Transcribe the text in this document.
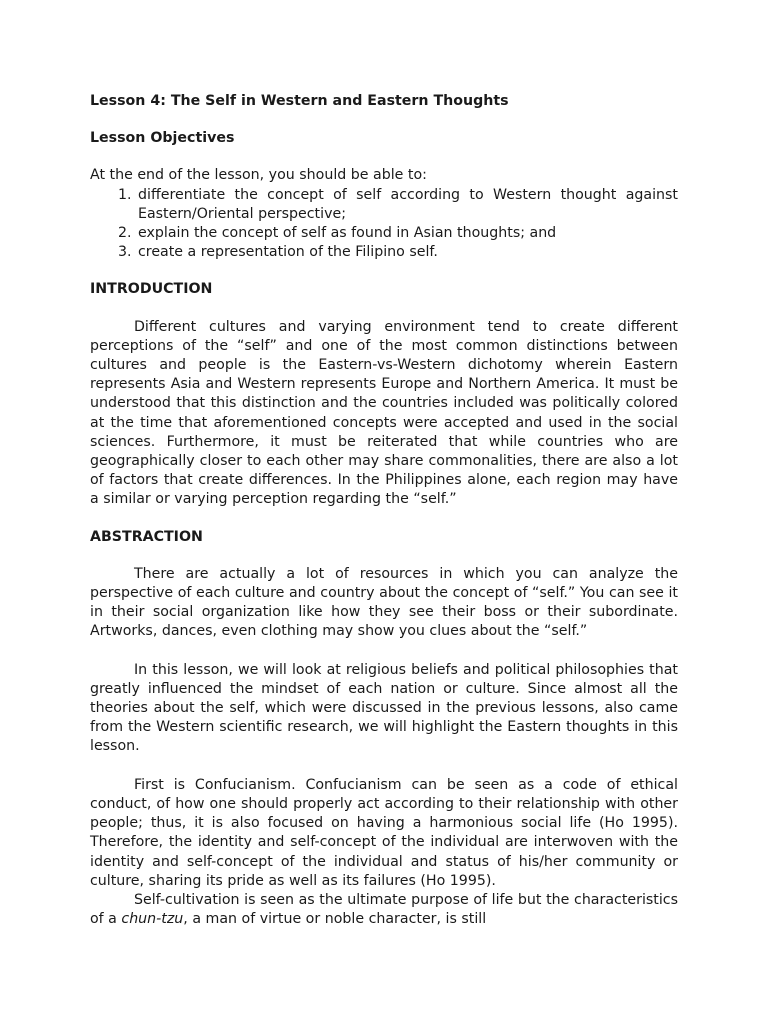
Lesson 4: The Self in Western and Eastern Thoughts

Lesson Objectives

At the end of the lesson, you should be able to:

1. differentiate the concept of self according to Western thought against Eastern/Oriental perspective;
2. explain the concept of self as found in Asian thoughts; and
3. create a representation of the Filipino self.

INTRODUCTION

Different cultures and varying environment tend to create different perceptions of the “self” and one of the most common distinctions between cultures and people is the Eastern-vs-Western dichotomy wherein Eastern represents Asia and Western represents Europe and Northern America. It must be understood that this distinction and the countries included was politically colored at the time that aforementioned concepts were accepted and used in the social sciences. Furthermore, it must be reiterated that while countries who are geographically closer to each other may share commonalities, there are also a lot of factors that create differences. In the Philippines alone, each region may have a similar or varying perception regarding the “self.”

ABSTRACTION

There are actually a lot of resources in which you can analyze the perspective of each culture and country about the concept of “self.” You can see it in their social organization like how they see their boss or their subordinate. Artworks, dances, even clothing may show you clues about the “self.”

In this lesson, we will look at religious beliefs and political philosophies that greatly influenced the mindset of each nation or culture. Since almost all the theories about the self, which were discussed in the previous lessons, also came from the Western scientific research, we will highlight the Eastern thoughts in this lesson.

First is Confucianism. Confucianism can be seen as a code of ethical conduct, of how one should properly act according to their relationship with other people; thus, it is also focused on having a harmonious social life (Ho 1995). Therefore, the identity and self-concept of the individual are interwoven with the identity and self-concept of the individual and status of his/her community or culture, sharing its pride as well as its failures (Ho 1995).

Self-cultivation is seen as the ultimate purpose of life but the characteristics of a chun-tzu, a man of virtue or noble character, is still
